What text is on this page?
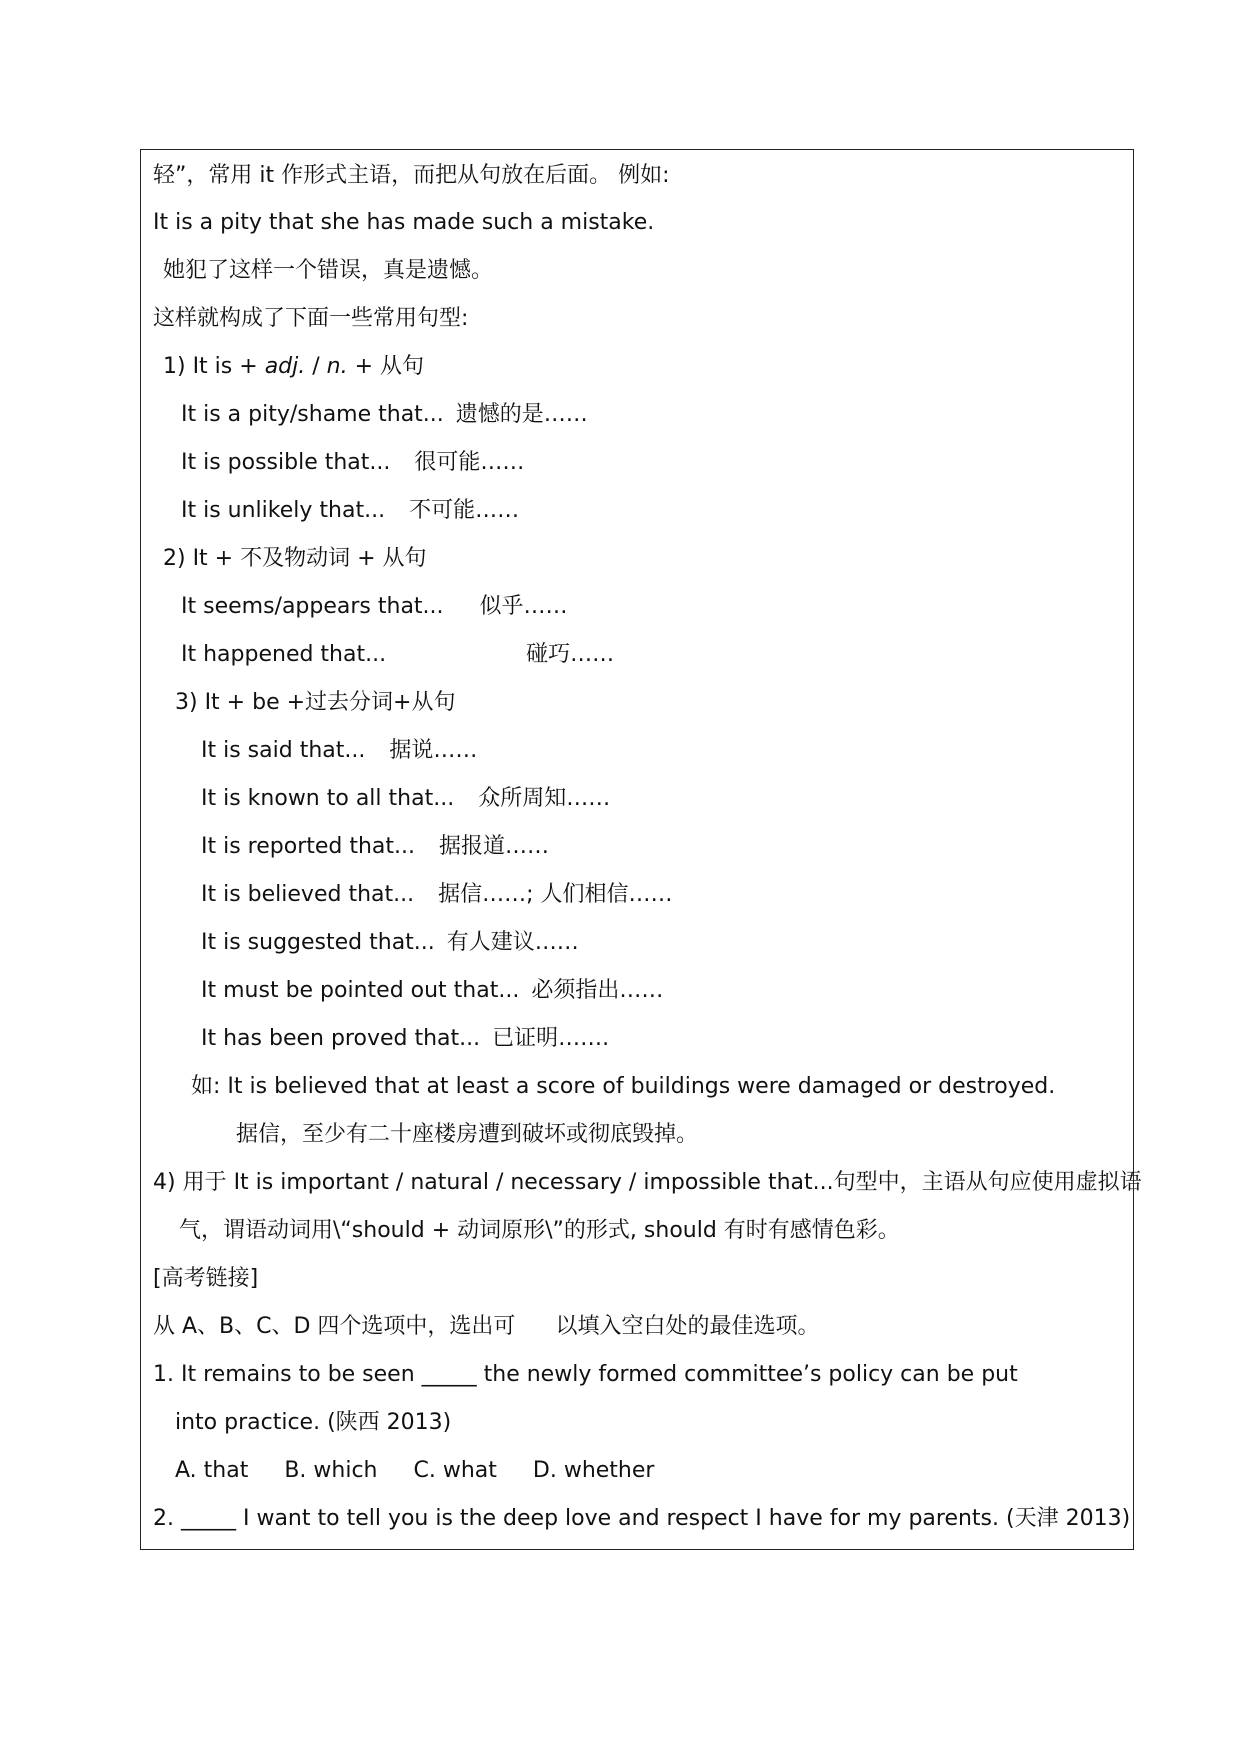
轻”，常用 it 作形式主语，而把从句放在后面。 例如:
It is a pity that she has made such a mistake.
她犯了这样一个错误，真是遗憾。
这样就构成了下面一些常用句型:
1) It is + adj. / n. + 从句
It is a pity/shame that... 遗憾的是……
It is possible that... 很可能……
It is unlikely that... 不可能……
2) It + 不及物动词 + 从句
It seems/appears that... 似乎……
It happened that...	碰巧……
3) It + be +过去分词+从句
It is said that... 据说……
It is known to all that... 众所周知……
It is reported that... 据报道……
It is believed that... 据信……; 人们相信……
It is suggested that... 有人建议……
It must be pointed out that... 必须指出……
It has been proved that... 已证明…….
如: It is believed that at least a score of buildings were damaged or destroyed.
据信，至少有二十座楼房遭到破坏或彻底毁掉。
4) 用于 It is important / natural / necessary / impossible that...句型中，主语从句应使用虚拟语
气，谓语动词用\“should + 动词原形\”的形式, should 有时有感情色彩。
[高考链接]
从 A、B、C、D 四个选项中，选出可 以填入空白处的最佳选项。
1. It remains to be seen _____ the newly formed committee’s policy can be put
into practice. (陕西 2013)
A. that B. which C. what D. whether
2. _____ I want to tell you is the deep love and respect I have for my parents. (天津 2013)
